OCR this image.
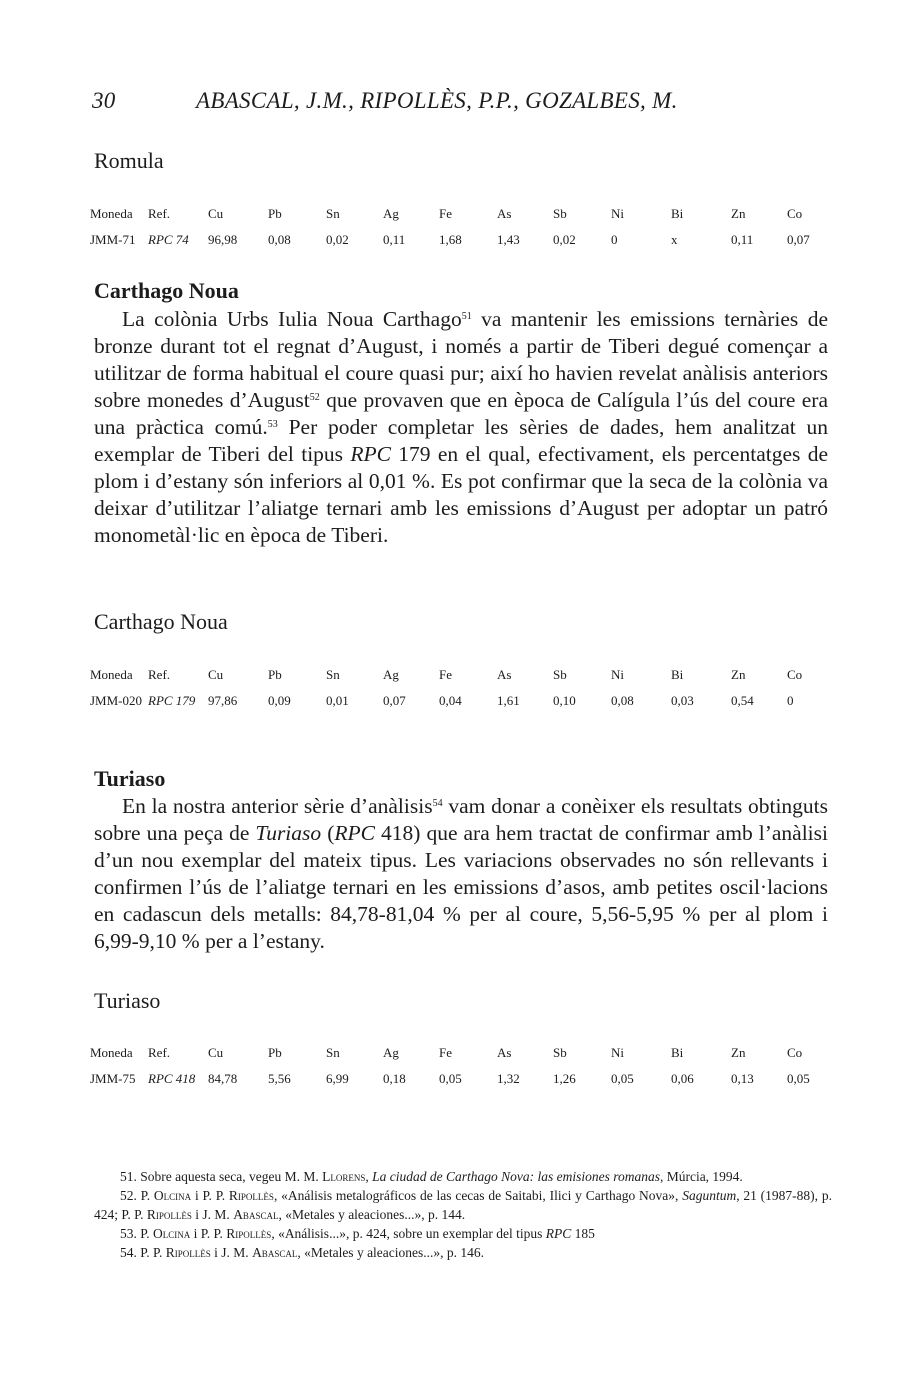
30	ABASCAL, J.M., RIPOLLÈS, P.P., GOZALBES, M.
Romula
Moneda	Ref.	Cu	Pb	Sn	Ag	Fe	As	Sb	Ni	Bi	Zn	Co
JMM-71	RPC 74	96,98	0,08	0,02	0,11	1,68	1,43	0,02	0	x	0,11	0,07
Carthago Noua

La colònia Urbs Iulia Noua Carthago$^{51}$ va mantenir les emissions ternàries de bronze durant tot el regnat d’August, i només a partir de Tiberi degué començar a utilitzar de forma habitual el coure quasi pur; així ho havien revelat anàlisis anteriors sobre monedes d’August$^{52}$ que provaven que en època de Calígula l’ús del coure era una pràctica comú.$^{53}$ Per poder completar les sèries de dades, hem analitzat un exemplar de Tiberi del tipus RPC 179 en el qual, efectivament, els percentatges de plom i d’estany són inferiors al 0,01 %. Es pot confirmar que la seca de la colònia va deixar d’utilitzar l’aliatge ternari amb les emissions d’August per adoptar un patró monometàl·lic en època de Tiberi.

Carthago Noua
Moneda	Ref.	Cu	Pb	Sn	Ag	Fe	As	Sb	Ni	Bi	Zn	Co
JMM-020	RPC 179	97,86	0,09	0,01	0,07	0,04	1,61	0,10	0,08	0,03	0,54	0
Turiaso

En la nostra anterior sèrie d’anàlisis$^{54}$ vam donar a conèixer els resultats obtinguts sobre una peça de Turiaso (RPC 418) que ara hem tractat de confirmar amb l’anàlisi d’un nou exemplar del mateix tipus. Les variacions observades no són rellevants i confirmen l’ús de l’aliatge ternari en les emissions d’asos, amb petites oscil·lacions en cadascun dels metalls: 84,78-81,04 % per al coure, 5,56-5,95 % per al plom i 6,99-9,10 % per a l’estany.

Turiaso
Moneda	Ref.	Cu	Pb	Sn	Ag	Fe	As	Sb	Ni	Bi	Zn	Co
JMM-75	RPC 418	84,78	5,56	6,99	0,18	0,05	1,32	1,26	0,05	0,06	0,13	0,05

51. Sobre aquesta seca, vegeu M. M. Llorens, La ciudad de Carthago Nova: las emisiones romanas, Múrcia, 1994.

52. P. Olcina i P. P. Ripollès, «Análisis metalográficos de las cecas de Saitabi, Ilici y Carthago Nova», Saguntum, 21 (1987-88), p. 424; P. P. Ripollès i J. M. Abascal, «Metales y aleaciones...», p. 144.

53. P. Olcina i P. P. Ripollès, «Análisis...», p. 424, sobre un exemplar del tipus RPC 185

54. P. P. Ripollès i J. M. Abascal, «Metales y aleaciones...», p. 146.
